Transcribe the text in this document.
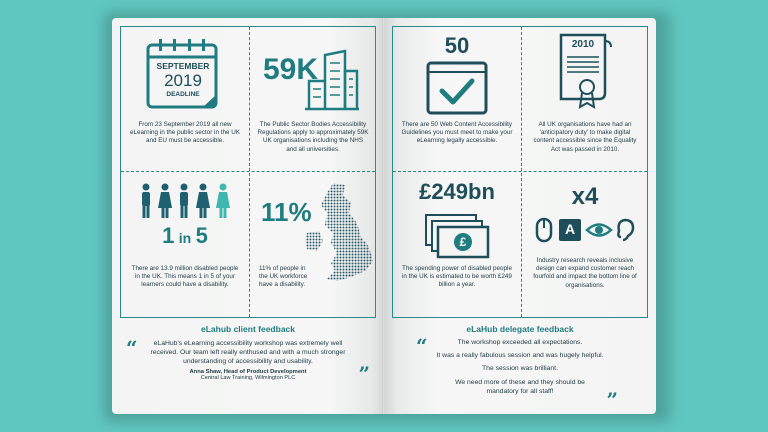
SEPTEMBER
2019
DEADLINE

From 23 September 2019 all new eLearning in the public sector in the UK and EU must be accessible.

59K

The Public Sector Bodies Accessibility Regulations apply to approximately 59K UK organisations including the NHS and all universities.

1 in 5

There are 13.9 million disabled people in the UK. This means 1 in 5 of your learners could have a disability.

11%

11% of people in the UK workforce have a disability.

eLahub client feedback
“	eLaHub's eLearning accessibility workshop was extremely well received. Our team left really enthused and with a much stronger understanding of accessibility and usability.

”
Anna Shaw, Head of Product Development
Central Law Training, Wilmington PLC
50

There are 50 Web Content Accessibility Guidelines you must meet to make your eLearning legally accessible.

2010

All UK organisations have had an 'anticipatory duty' to make digital content accessible since the Equality Act was passed in 2010.

£249bn
£

The spending power of disabled people in the UK is estimated to be worth £249 billion a year.

x4
A

Industry research reveals inclusive design can expand customer reach fourfold and impact the bottom line of organisations.

eLaHub delegate feedback
“	The workshop exceeded all expectations.

It was a really fabulous session and was hugely helpful.

The session was brilliant.

We need more of these and they should be mandatory for all staff!	”
